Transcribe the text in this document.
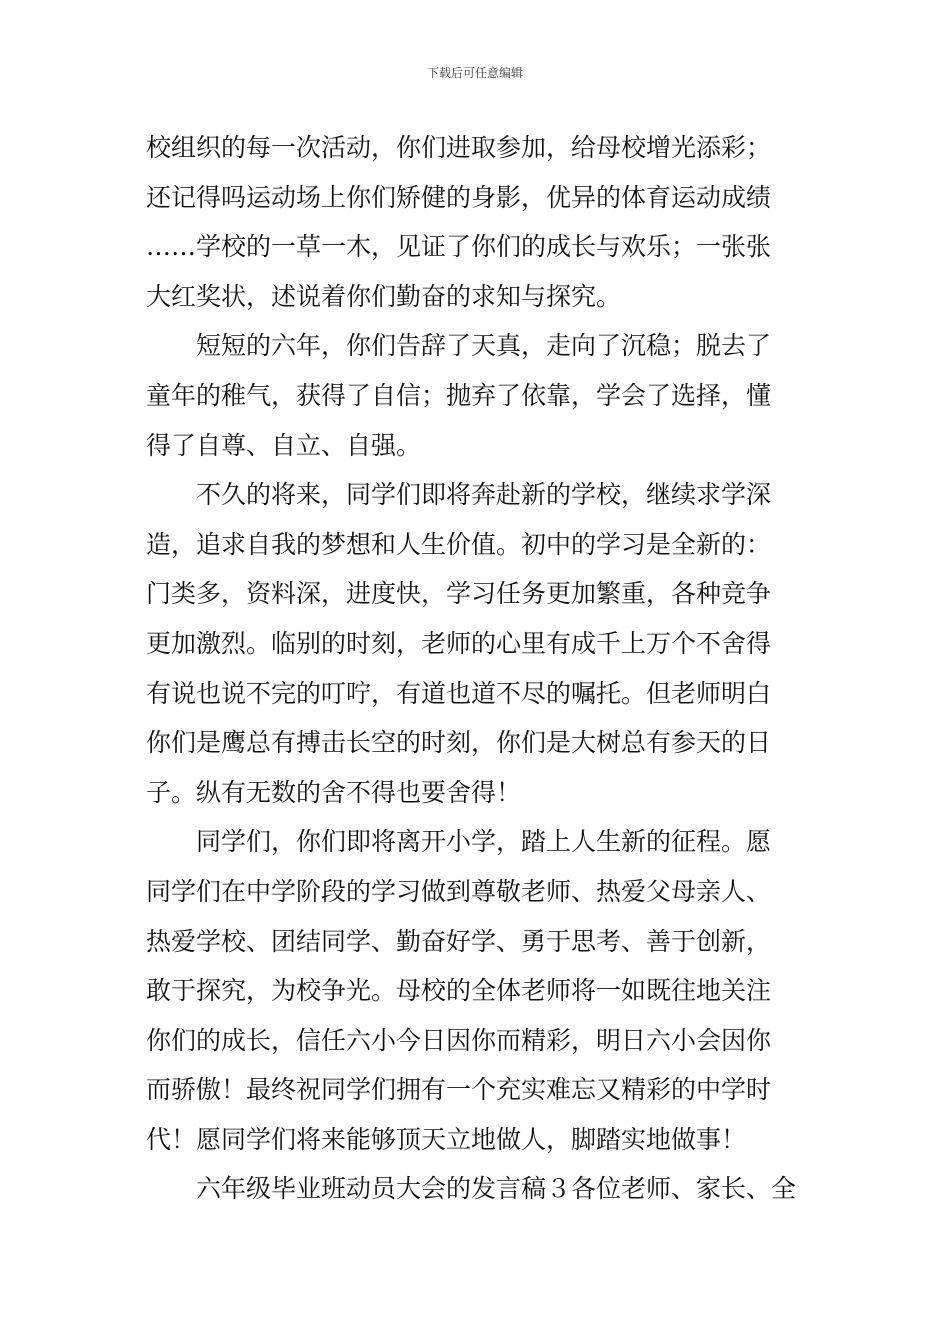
下载后可任意编辑
校组织的每一次活动，你们进取参加，给母校增光添彩；
还记得吗运动场上你们矫健的身影，优异的体育运动成绩
……学校的一草一木，见证了你们的成长与欢乐；一张张
大红奖状，述说着你们勤奋的求知与探究。
短短的六年，你们告辞了天真，走向了沉稳；脱去了
童年的稚气，获得了自信；抛弃了依靠，学会了选择，懂
得了自尊、自立、自强。
不久的将来，同学们即将奔赴新的学校，继续求学深
造，追求自我的梦想和人生价值。初中的学习是全新的：
门类多，资料深，进度快，学习任务更加繁重，各种竞争
更加激烈。临别的时刻，老师的心里有成千上万个不舍得
有说也说不完的叮咛，有道也道不尽的嘱托。但老师明白
你们是鹰总有搏击长空的时刻，你们是大树总有参天的日
子。纵有无数的舍不得也要舍得！
同学们，你们即将离开小学，踏上人生新的征程。愿
同学们在中学阶段的学习做到尊敬老师、热爱父母亲人、
热爱学校、团结同学、勤奋好学、勇于思考、善于创新，
敢于探究，为校争光。母校的全体老师将一如既往地关注
你们的成长，信任六小今日因你而精彩，明日六小会因你
而骄傲！最终祝同学们拥有一个充实难忘又精彩的中学时
代！愿同学们将来能够顶天立地做人，脚踏实地做事！
六年级毕业班动员大会的发言稿３各位老师、家长、全
